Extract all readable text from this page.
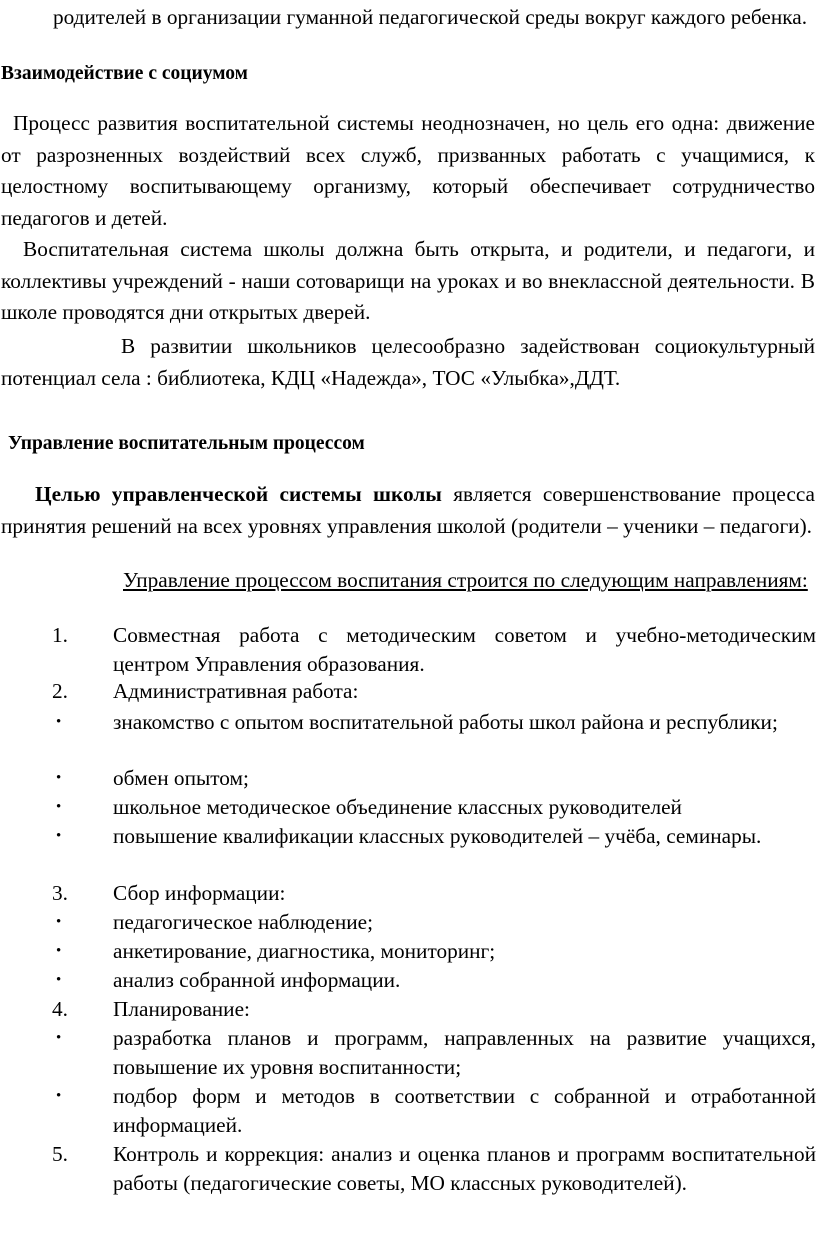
родителей в организации гуманной педагогической среды вокруг каждого ребенка.

Взаимодействие с социумом

Процесс развития воспитательной системы неоднозначен, но цель его одна: движение от разрозненных воздействий всех служб, призванных работать с учащимися, к целостному воспитывающему организму, который обеспечивает сотрудничество педагогов и детей.

Воспитательная система школы должна быть открыта, и родители, и педагоги, и коллективы учреждений - наши сотоварищи на уроках и во внеклассной деятельности. В школе проводятся дни открытых дверей.

В развитии школьников целесообразно задействован социокультурный потенциал села : библиотека, КДЦ «Надежда», ТОС «Улыбка»,ДДТ.

Управление воспитательным процессом

Целью управленческой системы школы является совершенствование процесса принятия решений на всех уровнях управления школой (родители – ученики – педагоги).

Управление процессом воспитания строится по следующим направлениям:

1.	Совместная работа с методическим советом и учебно-методическим центром Управления образования.
2.	Административная работа:
•	знакомство с опытом воспитательной работы школ района и республики;
•	обмен опытом;
•	школьное методическое объединение классных руководителей
•	повышение квалификации классных руководителей – учёба, семинары.
3.	Сбор информации:
•	педагогическое наблюдение;
•	анкетирование, диагностика, мониторинг;
•	анализ собранной информации.
4.	Планирование:
•	разработка планов и программ, направленных на развитие учащихся, повышение их уровня воспитанности;
•	подбор форм и методов в соответствии с собранной и отработанной информацией.
5.	Контроль и коррекция: анализ и оценка планов и программ воспитательной работы (педагогические советы, МО классных руководителей).
